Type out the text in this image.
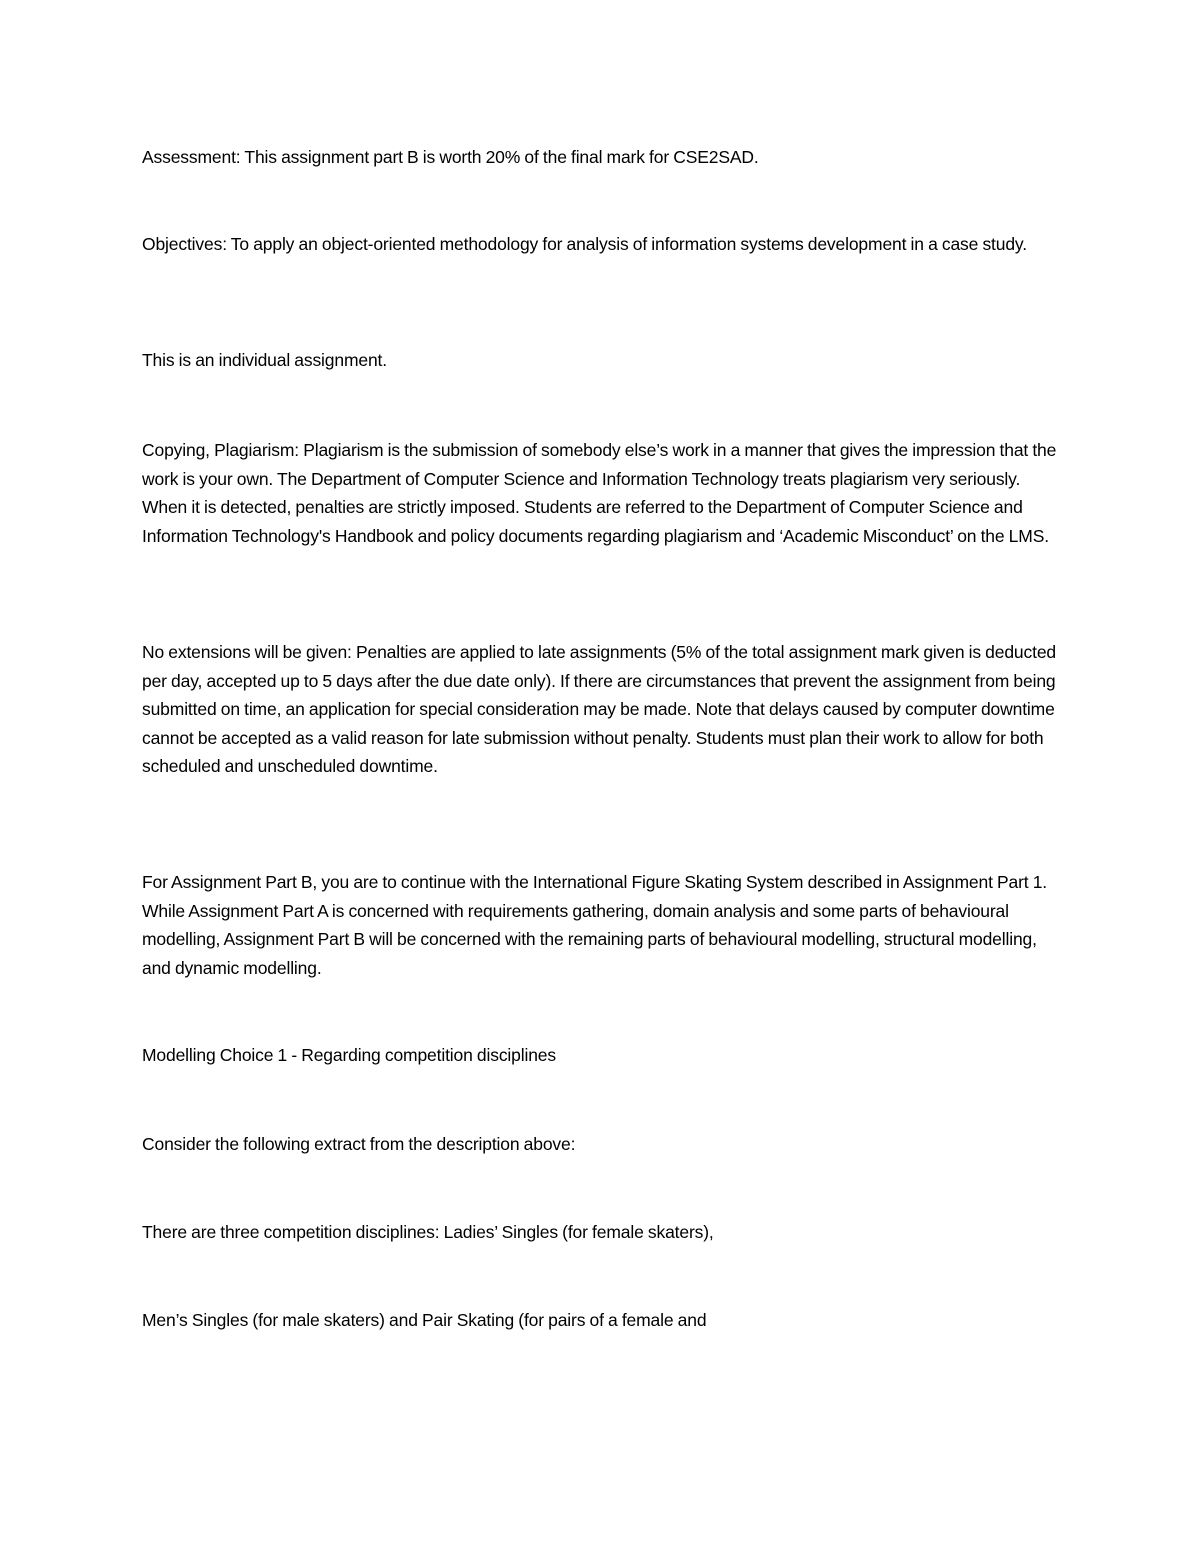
Assessment: This assignment part B is worth 20% of the final mark for CSE2SAD.

Objectives: To apply an object-oriented methodology for analysis of information systems development in a case study.

This is an individual assignment.

Copying, Plagiarism: Plagiarism is the submission of somebody else’s work in a manner that gives the impression that the work is your own. The Department of Computer Science and Information Technology treats plagiarism very seriously. When it is detected, penalties are strictly imposed. Students are referred to the Department of Computer Science and Information Technology's Handbook and policy documents regarding plagiarism and ‘Academic Misconduct’ on the LMS.

No extensions will be given: Penalties are applied to late assignments (5% of the total assignment mark given is deducted per day, accepted up to 5 days after the due date only). If there are circumstances that prevent the assignment from being submitted on time, an application for special consideration may be made. Note that delays caused by computer downtime cannot be accepted as a valid reason for late submission without penalty. Students must plan their work to allow for both scheduled and unscheduled downtime.

For Assignment Part B, you are to continue with the International Figure Skating System described in Assignment Part 1. While Assignment Part A is concerned with requirements gathering, domain analysis and some parts of behavioural modelling, Assignment Part B will be concerned with the remaining parts of behavioural modelling, structural modelling, and dynamic modelling.

Modelling Choice 1 - Regarding competition disciplines

Consider the following extract from the description above:

There are three competition disciplines: Ladies’ Singles (for female skaters),

Men’s Singles (for male skaters) and Pair Skating (for pairs of a female and
